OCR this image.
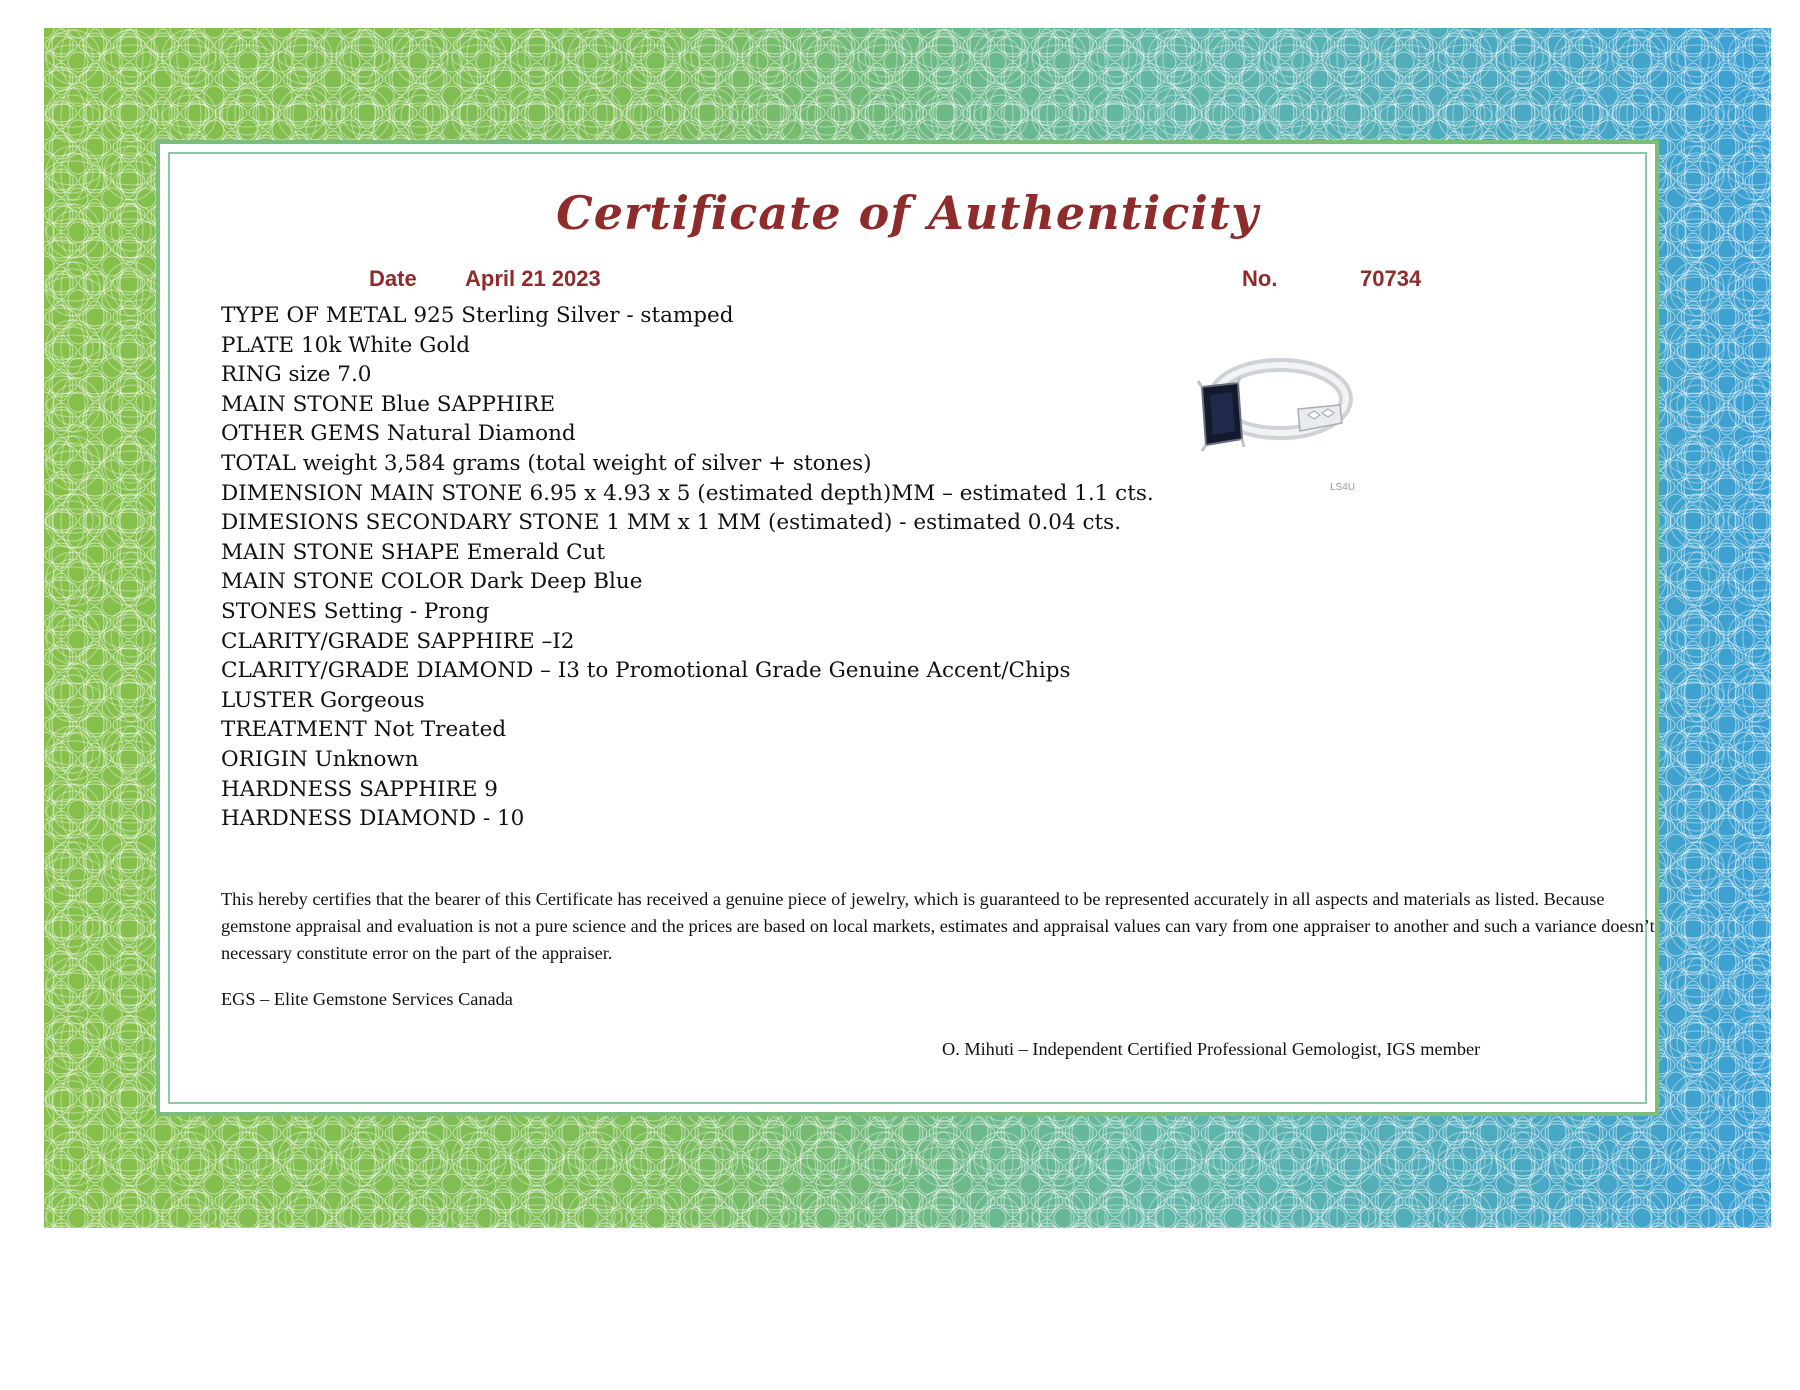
Certificate of Authenticity
Date April 21 2023	No.	70734
TYPE OF METAL 925 Sterling Silver - stamped
PLATE 10k White Gold
RING size 7.0
MAIN STONE Blue SAPPHIRE
OTHER GEMS Natural Diamond
TOTAL weight 3,584 grams (total weight of silver + stones)
DIMENSION MAIN STONE 6.95 x 4.93 x 5 (estimated depth)MM – estimated 1.1 cts.
DIMESIONS SECONDARY STONE 1 MM x 1 MM (estimated) - estimated 0.04 cts.
MAIN STONE SHAPE Emerald Cut
MAIN STONE COLOR Dark Deep Blue
STONES Setting - Prong
CLARITY/GRADE SAPPHIRE –I2
CLARITY/GRADE DIAMOND – I3 to Promotional Grade Genuine Accent/Chips
LUSTER Gorgeous
TREATMENT Not Treated
ORIGIN Unknown
HARDNESS SAPPHIRE 9
HARDNESS DIAMOND - 10
LS4U

This hereby certifies that the bearer of this Certificate has received a genuine piece of jewelry, which is guaranteed to be represented accurately in all aspects and materials as listed. Because gemstone appraisal and evaluation is not a pure science and the prices are based on local markets, estimates and appraisal values can vary from one appraiser to another and such a variance doesn’t necessary constitute error on the part of the appraiser.

EGS – Elite Gemstone Services Canada
O. Mihuti – Independent Certified Professional Gemologist, IGS member
